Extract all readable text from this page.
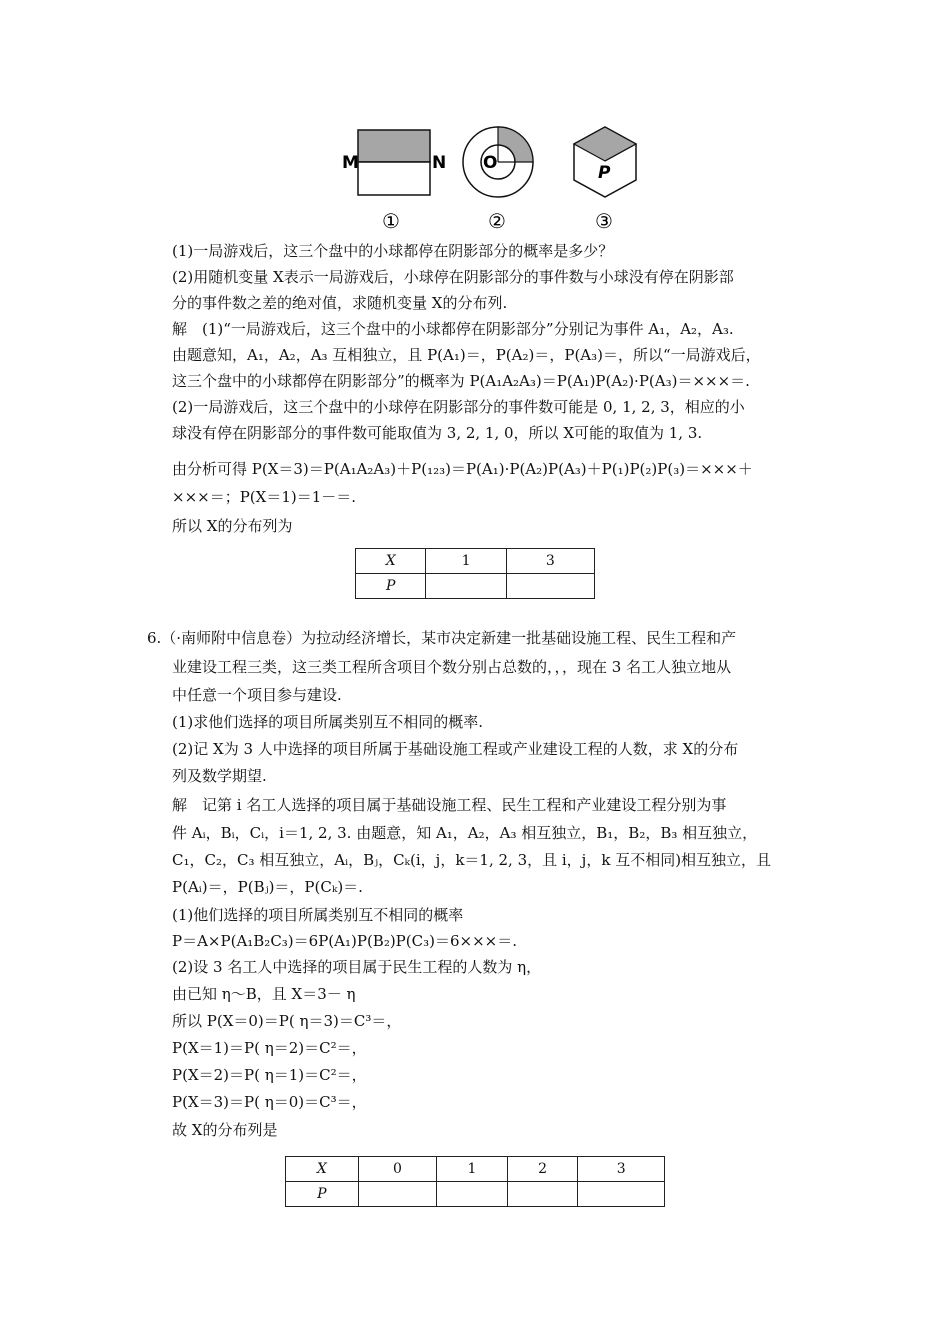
M	N
①
O
②
P
③
(1)一局游戏后，这三个盘中的小球都停在阴影部分的概率是多少？
(2)用随机变量 X表示一局游戏后，小球停在阴影部分的事件数与小球没有停在阴影部
分的事件数之差的绝对值，求随机变量 X的分布列.
解　(1)“一局游戏后，这三个盘中的小球都停在阴影部分”分别记为事件 A₁，A₂，A₃.
由题意知，A₁，A₂，A₃ 互相独立，且 P(A₁)＝，P(A₂)＝，P(A₃)＝，所以“一局游戏后，
这三个盘中的小球都停在阴影部分”的概率为 P(A₁A₂A₃)＝P(A₁)P(A₂)·P(A₃)＝×××＝.
(2)一局游戏后，这三个盘中的小球停在阴影部分的事件数可能是 0, 1, 2, 3，相应的小
球没有停在阴影部分的事件数可能取值为 3, 2, 1, 0，所以 X可能的取值为 1, 3.
由分析可得 P(X＝3)＝P(A₁A₂A₃)＋P(₁₂₃)＝P(A₁)·P(A₂)P(A₃)＋P(₁)P(₂)P(₃)＝×××＋
×××＝；P(X＝1)＝1－＝.
所以 X的分布列为
X	1	3
P		
6.（·南师附中信息卷）为拉动经济增长，某市决定新建一批基础设施工程、民生工程和产
业建设工程三类，这三类工程所含项目个数分别占总数的，，，现在 3 名工人独立地从
中任意一个项目参与建设.
(1)求他们选择的项目所属类别互不相同的概率.
(2)记 X为 3 人中选择的项目所属于基础设施工程或产业建设工程的人数，求 X的分布
列及数学期望.
解　记第 i 名工人选择的项目属于基础设施工程、民生工程和产业建设工程分别为事
件 Aᵢ，Bᵢ，Cᵢ，i＝1, 2, 3. 由题意，知 A₁，A₂，A₃ 相互独立，B₁，B₂，B₃ 相互独立，
C₁，C₂，C₃ 相互独立，Aᵢ，Bⱼ，Cₖ(i，j，k＝1, 2, 3，且 i，j，k 互不相同)相互独立，且
P(Aᵢ)＝，P(Bⱼ)＝，P(Cₖ)＝.
(1)他们选择的项目所属类别互不相同的概率
P＝A×P(A₁B₂C₃)＝6P(A₁)P(B₂)P(C₃)＝6×××＝.
(2)设 3 名工人中选择的项目属于民生工程的人数为 η，
由已知 η～B，且 X＝3－ η
所以 P(X＝0)＝P( η＝3)＝C³＝，
P(X＝1)＝P( η＝2)＝C²＝，
P(X＝2)＝P( η＝1)＝C²＝，
P(X＝3)＝P( η＝0)＝C³＝，
故 X的分布列是
X	0	1	2	3
P				
